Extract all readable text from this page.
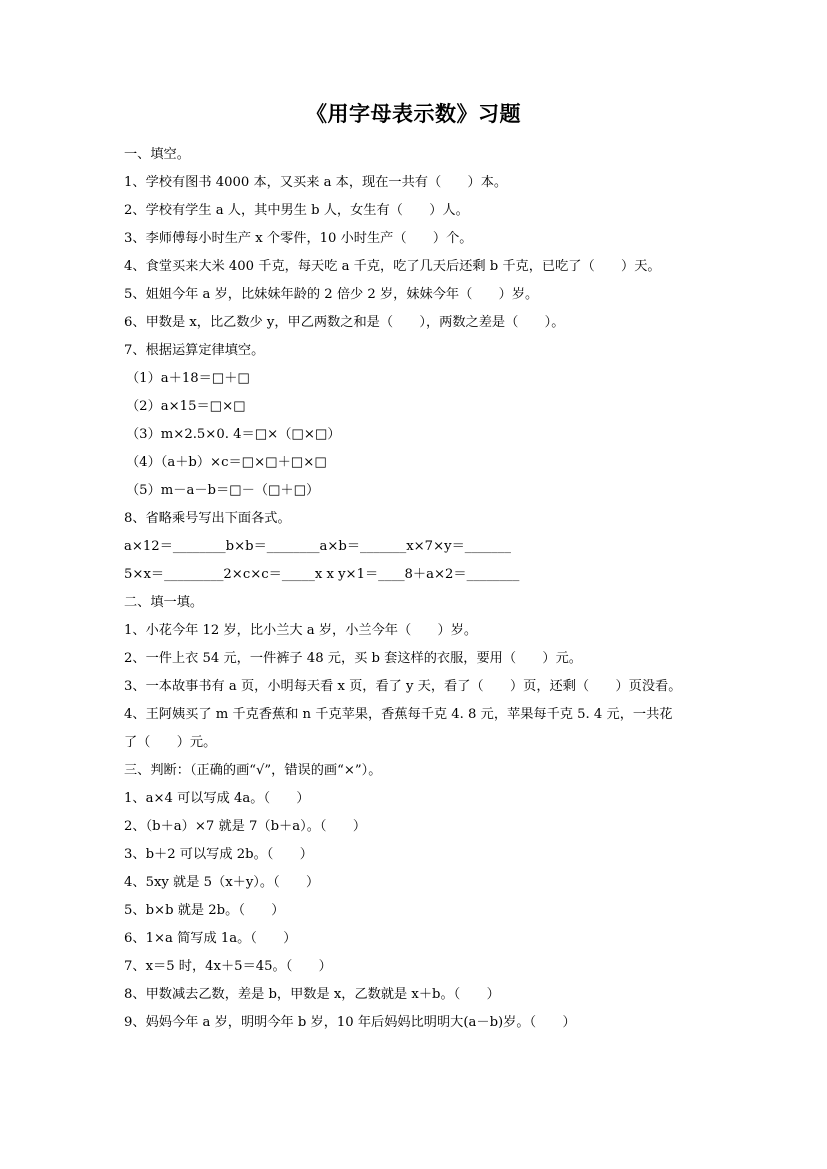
《用字母表示数》习题
一、填空。
1、学校有图书 4000 本，又买来 a 本，现在一共有（　　）本。
2、学校有学生 a 人，其中男生 b 人，女生有（　　）人。
3、李师傅每小时生产 x 个零件，10 小时生产（　　）个。
4、食堂买来大米 400 千克，每天吃 a 千克，吃了几天后还剩 b 千克，已吃了（　　）天。
5、姐姐今年 a 岁，比妹妹年龄的 2 倍少 2 岁，妹妹今年（　　）岁。
6、甲数是 x，比乙数少 y，甲乙两数之和是（　　），两数之差是（　　）。
7、根据运算定律填空。
（1）a＋18＝□＋□
（2）a×15＝□×□
（3）m×2.5×0. 4＝□×（□×□）
（4）（a＋b）×c＝□×□＋□×□
（5）m－a－b＝□－（□＋□）
8、省略乘号写出下面各式。
a×12＝________b×b＝________a×b＝_______x×7×y＝_______
5×x＝_________2×c×c＝_____x x y×1＝____8＋a×2＝________
二、填一填。
1、小花今年 12 岁，比小兰大 a 岁，小兰今年（　　）岁。
2、一件上衣 54 元，一件裤子 48 元，买 b 套这样的衣服，要用（　　）元。
3、一本故事书有 a 页，小明每天看 x 页，看了 y 天，看了（　　）页，还剩（　　）页没看。
4、王阿姨买了 m 千克香蕉和 n 千克苹果，香蕉每千克 4. 8 元，苹果每千克 5. 4 元，一共花
了（　　）元。
三、判断：（正确的画“√”，错误的画“×”）。
1、a×4 可以写成 4a。（　　）
2、（b＋a）×7 就是 7（b＋a）。（　　）
3、b＋2 可以写成 2b。（　　）
4、5xy 就是 5（x＋y）。（　　）
5、b×b 就是 2b。（　　）
6、1×a 简写成 1a。（　　）
7、x＝5 时，4x＋5＝45。（　　）
8、甲数减去乙数，差是 b，甲数是 x，乙数就是 x＋b。（　　）
9、妈妈今年 a 岁，明明今年 b 岁，10 年后妈妈比明明大(a－b)岁。（　　）
